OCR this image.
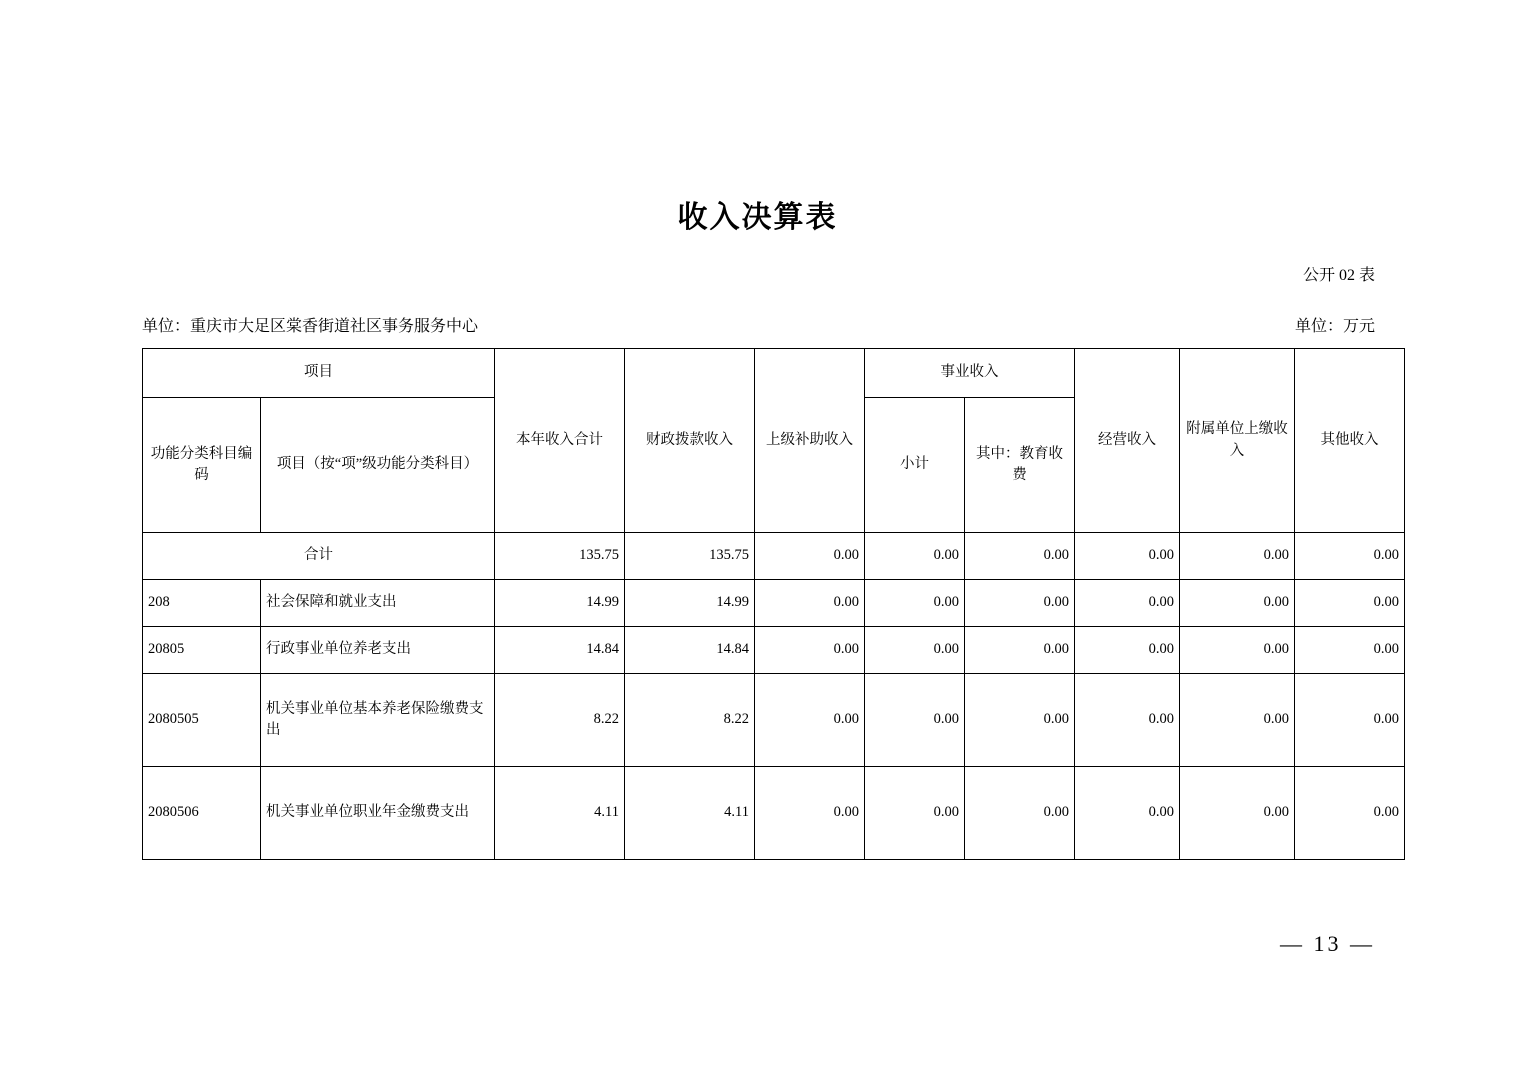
收入决算表
公开 02 表
单位：重庆市大足区棠香街道社区事务服务中心	单位：万元
项目		本年收入合计	财政拨款收入	上级补助收入	事业收入		经营收入	附属单位上缴收入	其他收入
功能分类科目编码	项目（按“项”级功能分类科目）				小计	其中：教育收费			
合计		135.75	135.75	0.00	0.00	0.00	0.00	0.00	0.00
208	社会保障和就业支出	14.99	14.99	0.00	0.00	0.00	0.00	0.00	0.00
20805	行政事业单位养老支出	14.84	14.84	0.00	0.00	0.00	0.00	0.00	0.00
2080505	机关事业单位基本养老保险缴费支出	8.22	8.22	0.00	0.00	0.00	0.00	0.00	0.00
2080506	机关事业单位职业年金缴费支出	4.11	4.11	0.00	0.00	0.00	0.00	0.00	0.00
— 13 —
